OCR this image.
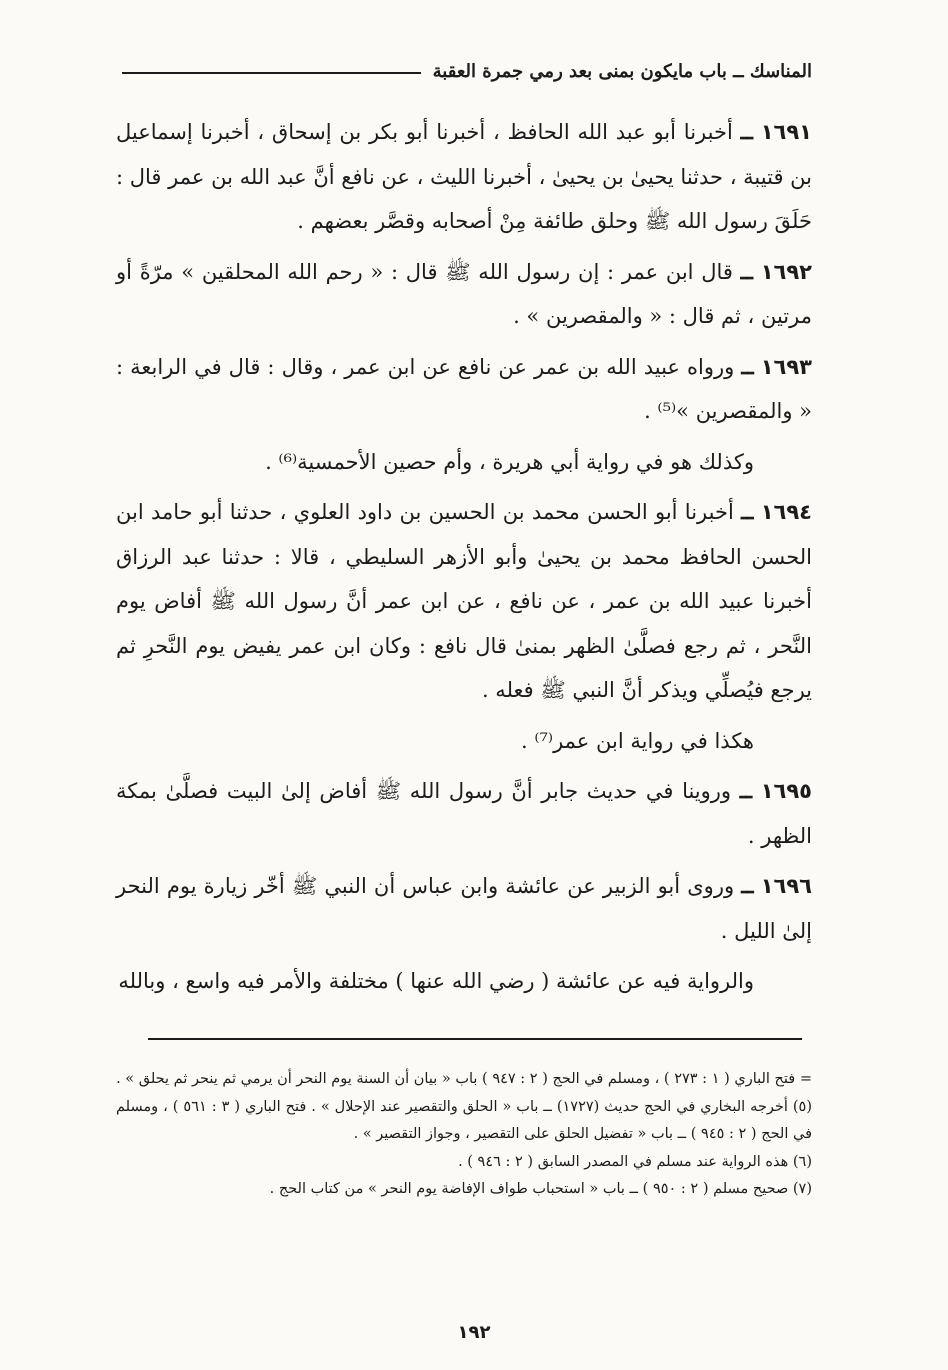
المناسك ــ باب مايكون بمنى بعد رمي جمرة العقبة

١٦٩١ ــ أخبرنا أبو عبد الله الحافظ ، أخبرنا أبو بكر بن إسحاق ، أخبرنا إسماعيل بن قتيبة ، حدثنا يحيىٰ بن يحيىٰ ، أخبرنا الليث ، عن نافع أنَّ عبد الله بن عمر قال : حَلَقَ رسول الله ﷺ وحلق طائفة مِنْ أصحابه وقصَّر بعضهم .

١٦٩٢ ــ قال ابن عمر : إن رسول الله ﷺ قال : « رحم الله المحلقين » مرّةً أو مرتين ، ثم قال : « والمقصرين » .

١٦٩٣ ــ ورواه عبيد الله بن عمر عن نافع عن ابن عمر ، وقال : قال في الرابعة : « والمقصرين »⁽⁵⁾ .

وكذلك هو في رواية أبي هريرة ، وأم حصين الأحمسية⁽⁶⁾ .

١٦٩٤ ــ أخبرنا أبو الحسن محمد بن الحسين بن داود العلوي ، حدثنا أبو حامد ابن الحسن الحافظ محمد بن يحيىٰ وأبو الأزهر السليطي ، قالا : حدثنا عبد الرزاق أخبرنا عبيد الله بن عمر ، عن نافع ، عن ابن عمر أنَّ رسول الله ﷺ أفاض يوم النَّحر ، ثم رجع فصلَّىٰ الظهر بمنىٰ قال نافع : وكان ابن عمر يفيض يوم النَّحرِ ثم يرجع فيُصلِّي ويذكر أنَّ النبي ﷺ فعله .

هكذا في رواية ابن عمر⁽⁷⁾ .

١٦٩٥ ــ وروينا في حديث جابر أنَّ رسول الله ﷺ أفاض إلىٰ البيت فصلَّىٰ بمكة الظهر .

١٦٩٦ ــ وروى أبو الزبير عن عائشة وابن عباس أن النبي ﷺ أخّر زيارة يوم النحر إلىٰ الليل .

والرواية فيه عن عائشة ( رضي الله عنها ) مختلفة والأمر فيه واسع ، وبالله

= فتح الباري ( ١ : ٢٧٣ ) ، ومسلم في الحج ( ٢ : ٩٤٧ ) باب « بيان أن السنة يوم النحر أن يرمي ثم ينحر ثم يحلق » .

(٥) أخرجه البخاري في الحج حديث (١٧٢٧) ــ باب « الحلق والتقصير عند الإحلال » . فتح الباري ( ٣ : ٥٦١ ) ، ومسلم في الحج ( ٢ : ٩٤٥ ) ــ باب « تفضيل الحلق على التقصير ، وجواز التقصير » .

(٦) هذه الرواية عند مسلم في المصدر السابق ( ٢ : ٩٤٦ ) .

(٧) صحيح مسلم ( ٢ : ٩٥٠ ) ــ باب « استحباب طواف الإفاضة يوم النحر » من كتاب الحج .

١٩٢
